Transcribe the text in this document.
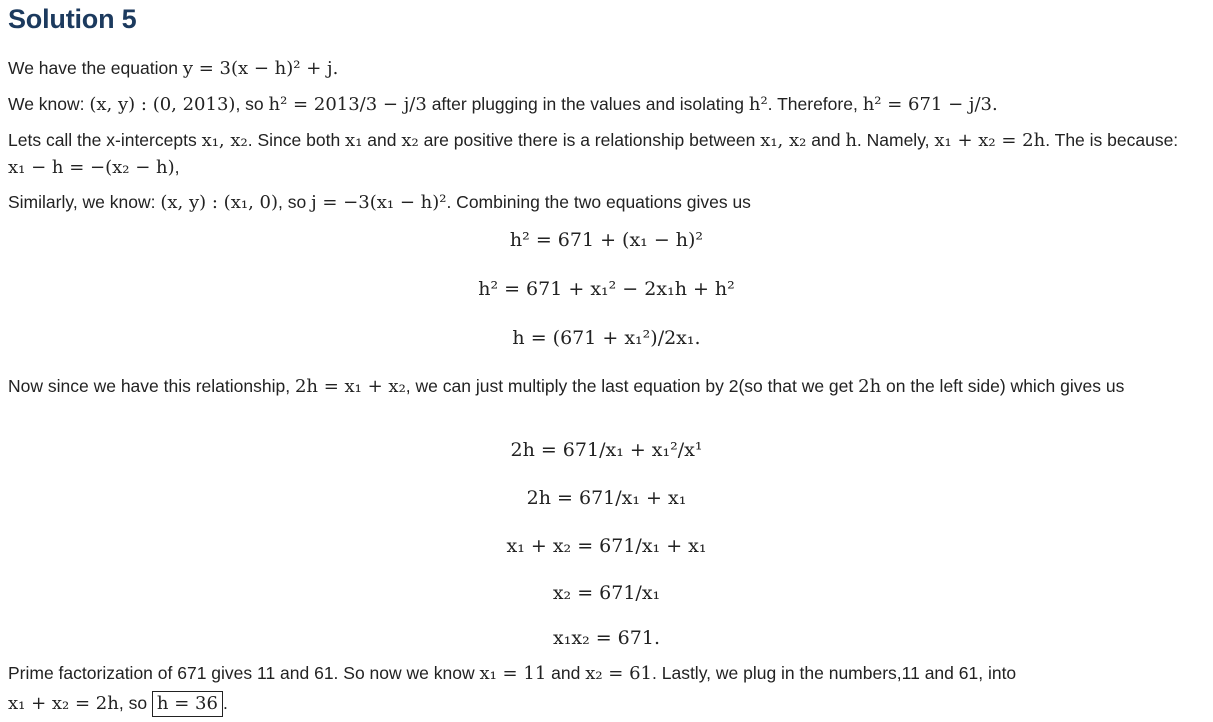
Solution 5
We have the equation y = 3(x − h)² + j.
We know: (x, y) : (0, 2013), so h² = 2013/3 − j/3 after plugging in the values and isolating h². Therefore, h² = 671 − j/3.
Lets call the x-intercepts x₁, x₂. Since both x₁ and x₂ are positive there is a relationship between x₁, x₂ and h. Namely, x₁ + x₂ = 2h. The is because: x₁ − h = −(x₂ − h),
Similarly, we know: (x, y) : (x₁, 0), so j = −3(x₁ − h)². Combining the two equations gives us
h² = 671 + (x₁ − h)²
h² = 671 + x₁² − 2x₁h + h²
h = (671 + x₁²)/2x₁.
Now since we have this relationship, 2h = x₁ + x₂, we can just multiply the last equation by 2(so that we get 2h on the left side) which gives us
2h = 671/x₁ + x₁²/x¹
2h = 671/x₁ + x₁
x₁ + x₂ = 671/x₁ + x₁
x₂ = 671/x₁
x₁x₂ = 671.
Prime factorization of 671 gives 11 and 61. So now we know x₁ = 11 and x₂ = 61. Lastly, we plug in the numbers,11 and 61, into
x₁ + x₂ = 2h, so h = 36 .
